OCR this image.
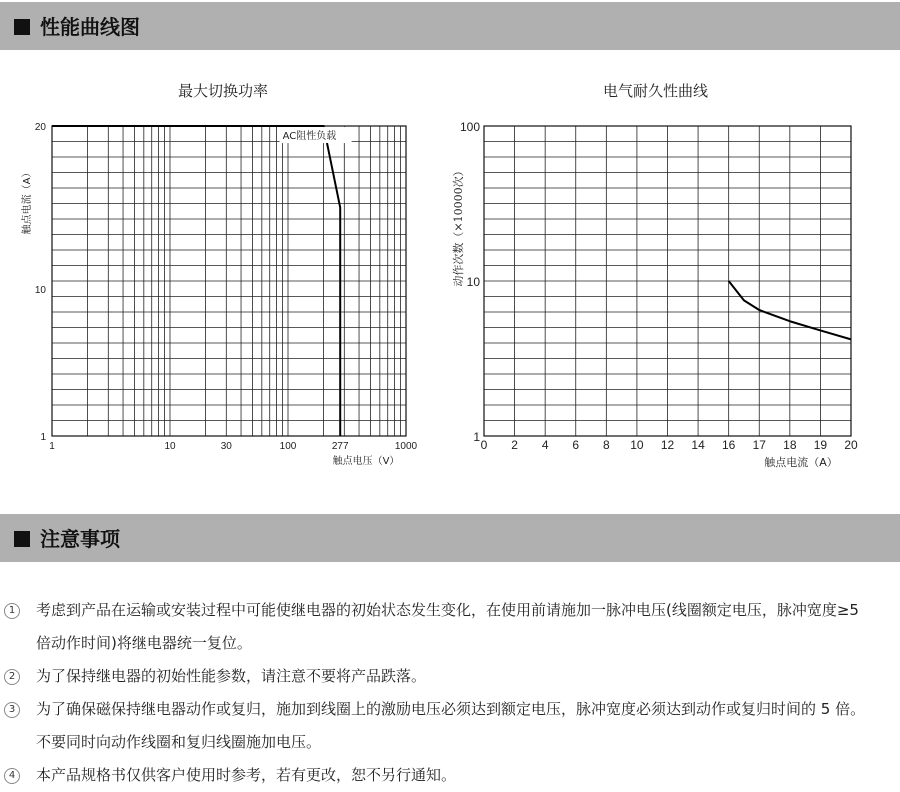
性能曲线图
最大切换功率	电气耐久性曲线
1	10	30	100	277	1000
20
10
1
触点电压（V）
触点电流（A）
AC阻性负载
0 2 4 6 8 10 12 14 16 17 18 19 20
100
10
1
触点电流（A）
动作次数（×10000次）
注意事项
1	考虑到产品在运输或安装过程中可能使继电器的初始状态发生变化，在使用前请施加一脉冲电压(线圈额定电压，脉冲宽度≥5 倍动作时间)将继电器统一复位。
2	为了保持继电器的初始性能参数，请注意不要将产品跌落。
3	为了确保磁保持继电器动作或复归，施加到线圈上的激励电压必须达到额定电压，脉冲宽度必须达到动作或复归时间的 5 倍。不要同时向动作线圈和复归线圈施加电压。
4	本产品规格书仅供客户使用时参考，若有更改，恕不另行通知。
